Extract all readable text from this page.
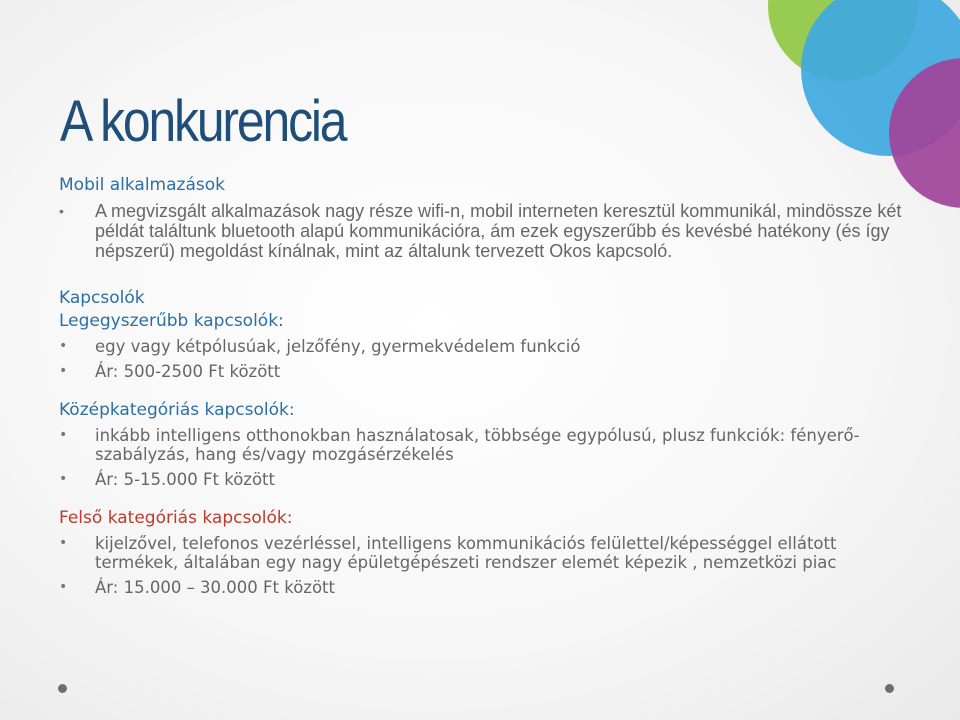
A konkurencia

Mobil alkalmazások

• A megvizsgált alkalmazások nagy része wifi-n, mobil interneten keresztül kommunikál, mindössze két példát találtunk bluetooth alapú kommunikációra, ám ezek egyszerűbb és kevésbé hatékony (és így népszerű) megoldást kínálnak, mint az általunk tervezett Okos kapcsoló.

Kapcsolók

Legegyszerűbb kapcsolók:

• egy vagy kétpólusúak, jelzőfény, gyermekvédelem funkció
• Ár: 500-2500 Ft között

Középkategóriás kapcsolók:

• inkább intelligens otthonokban használatosak, többsége egypólusú, plusz funkciók: fényerő-szabályzás, hang és/vagy mozgásérzékelés
• Ár: 5-15.000 Ft között

Felső kategóriás kapcsolók:

• kijelzővel, telefonos vezérléssel, intelligens kommunikációs felülettel/képességgel ellátott termékek, általában egy nagy épületgépészeti rendszer elemét képezik , nemzetközi piac
• Ár: 15.000 – 30.000 Ft között
